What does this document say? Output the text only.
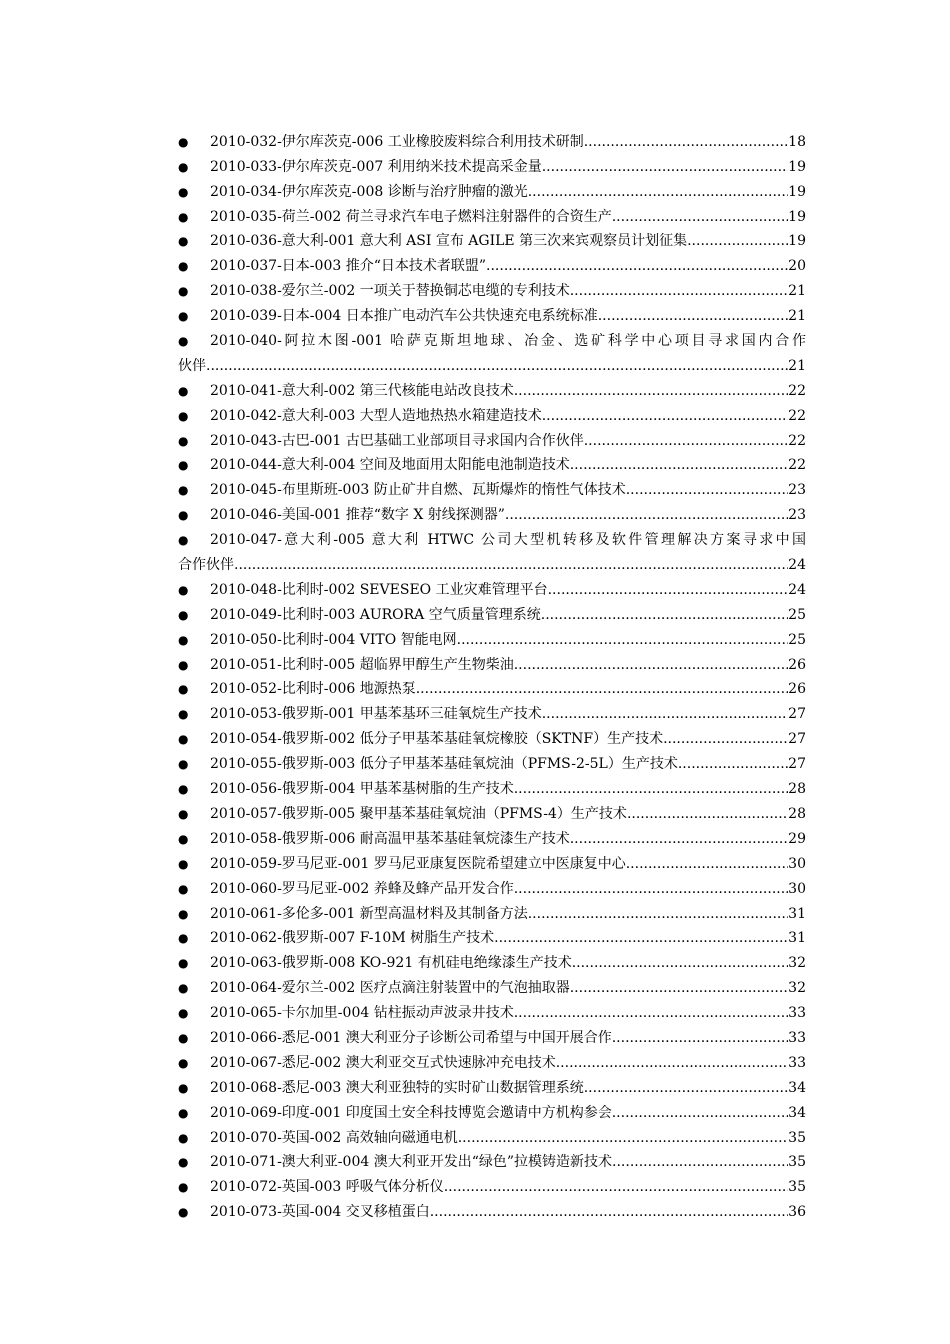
●	2010-032-伊尔库茨克-006 工业橡胶废料综合利用技术研制 .....	18
●	2010-033-伊尔库茨克-007 利用纳米技术提高采金量 .....	19
●	2010-034-伊尔库茨克-008 诊断与治疗肿瘤的激光 .....	19
●	2010-035-荷兰-002 荷兰寻求汽车电子燃料注射器件的合资生产 .....	19
●	2010-036-意大利-001 意大利 ASI 宣布 AGILE 第三次来宾观察员计划征集 .....	19
●	2010-037-日本-003 推介“日本技术者联盟” .....	20
●	2010-038-爱尔兰-002 一项关于替换铜芯电缆的专利技术 .....	21
●	2010-039-日本-004 日本推广电动汽车公共快速充电系统标准 .....	21
●	2010-040-阿拉木图-001 哈萨克斯坦地球、冶金、选矿科学中心项目寻求国内合作
伙伴 .....	21
●	2010-041-意大利-002 第三代核能电站改良技术 .....	22
●	2010-042-意大利-003 大型人造地热热水箱建造技术 .....	22
●	2010-043-古巴-001 古巴基础工业部项目寻求国内合作伙伴 .....	22
●	2010-044-意大利-004 空间及地面用太阳能电池制造技术 .....	22
●	2010-045-布里斯班-003 防止矿井自燃、瓦斯爆炸的惰性气体技术 .....	23
●	2010-046-美国-001 推荐“数字 X 射线探测器” .....	23
●	2010-047-意大利-005 意大利 HTWC 公司大型机转移及软件管理解决方案寻求中国
合作伙伴 .....	24
●	2010-048-比利时-002 SEVESEO 工业灾难管理平台 .....	24
●	2010-049-比利时-003 AURORA 空气质量管理系统 .....	25
●	2010-050-比利时-004 VITO 智能电网 .....	25
●	2010-051-比利时-005 超临界甲醇生产生物柴油 .....	26
●	2010-052-比利时-006 地源热泵 .....	26
●	2010-053-俄罗斯-001 甲基苯基环三硅氧烷生产技术 .....	27
●	2010-054-俄罗斯-002 低分子甲基苯基硅氧烷橡胶（SKTNF）生产技术 .....	27
●	2010-055-俄罗斯-003 低分子甲基苯基硅氧烷油（PFMS-2-5L）生产技术 .....	27
●	2010-056-俄罗斯-004 甲基苯基树脂的生产技术 .....	28
●	2010-057-俄罗斯-005 聚甲基苯基硅氧烷油（PFMS-4）生产技术 .....	28
●	2010-058-俄罗斯-006 耐高温甲基苯基硅氧烷漆生产技术 .....	29
●	2010-059-罗马尼亚-001 罗马尼亚康复医院希望建立中医康复中心 .....	30
●	2010-060-罗马尼亚-002 养蜂及蜂产品开发合作 .....	30
●	2010-061-多伦多-001 新型高温材料及其制备方法 .....	31
●	2010-062-俄罗斯-007 F-10M 树脂生产技术 .....	31
●	2010-063-俄罗斯-008 KO-921 有机硅电绝缘漆生产技术 .....	32
●	2010-064-爱尔兰-002 医疗点滴注射装置中的气泡抽取器 .....	32
●	2010-065-卡尔加里-004 钻柱振动声波录井技术 .....	33
●	2010-066-悉尼-001 澳大利亚分子诊断公司希望与中国开展合作 .....	33
●	2010-067-悉尼-002 澳大利亚交互式快速脉冲充电技术 .....	33
●	2010-068-悉尼-003 澳大利亚独特的实时矿山数据管理系统 .....	34
●	2010-069-印度-001 印度国土安全科技博览会邀请中方机构参会 .....	34
●	2010-070-英国-002 高效轴向磁通电机 .....	35
●	2010-071-澳大利亚-004 澳大利亚开发出“绿色”拉模铸造新技术 .....	35
●	2010-072-英国-003 呼吸气体分析仪 .....	35
●	2010-073-英国-004 交叉移植蛋白 .....	36
